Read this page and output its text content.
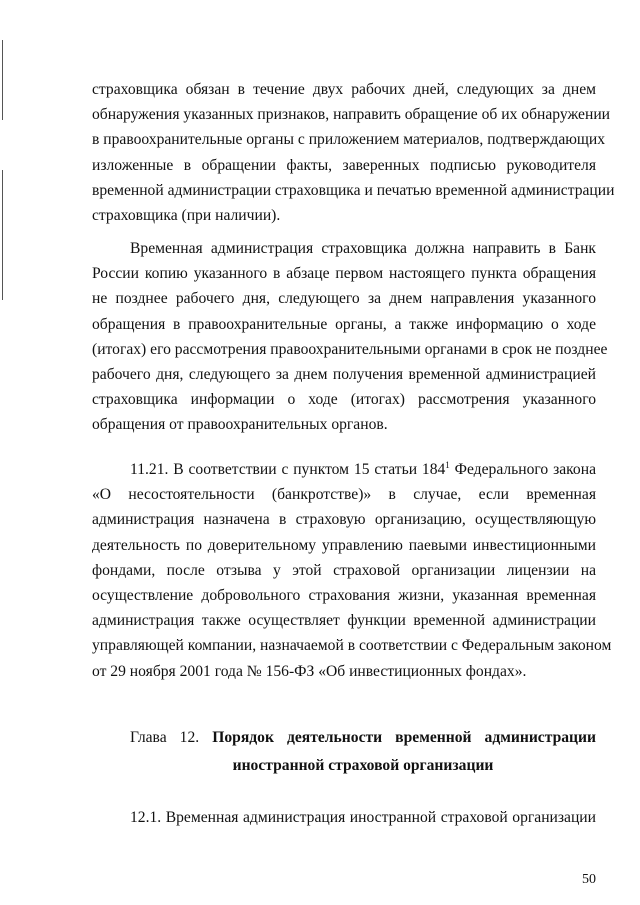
страховщика обязан в течение двух рабочих дней, следующих за днем
обнаружения указанных признаков, направить обращение об их обнаружении
в правоохранительные органы с приложением материалов, подтверждающих
изложенные в обращении факты, заверенных подписью руководителя
временной администрации страховщика и печатью временной администрации
страховщика (при наличии).
Временная администрация страховщика должна направить в Банк
России копию указанного в абзаце первом настоящего пункта обращения
не позднее рабочего дня, следующего за днем направления указанного
обращения в правоохранительные органы, а также информацию о ходе
(итогах) его рассмотрения правоохранительными органами в срок не позднее
рабочего дня, следующего за днем получения временной администрацией
страховщика информации о ходе (итогах) рассмотрения указанного
обращения от правоохранительных органов.
11.21. В соответствии с пунктом 15 статьи $184^1$ Федерального закона
«О несостоятельности (банкротстве)» в случае, если временная
администрация назначена в страховую организацию, осуществляющую
деятельность по доверительному управлению паевыми инвестиционными
фондами, после отзыва у этой страховой организации лицензии на
осуществление добровольного страхования жизни, указанная временная
администрация также осуществляет функции временной администрации
управляющей компании, назначаемой в соответствии с Федеральным законом
от 29 ноября 2001 года № 156-ФЗ «Об инвестиционных фондах».
Глава 12. Порядок деятельности временной администрации
иностранной страховой организации
12.1. Временная администрация иностранной страховой организации
50
